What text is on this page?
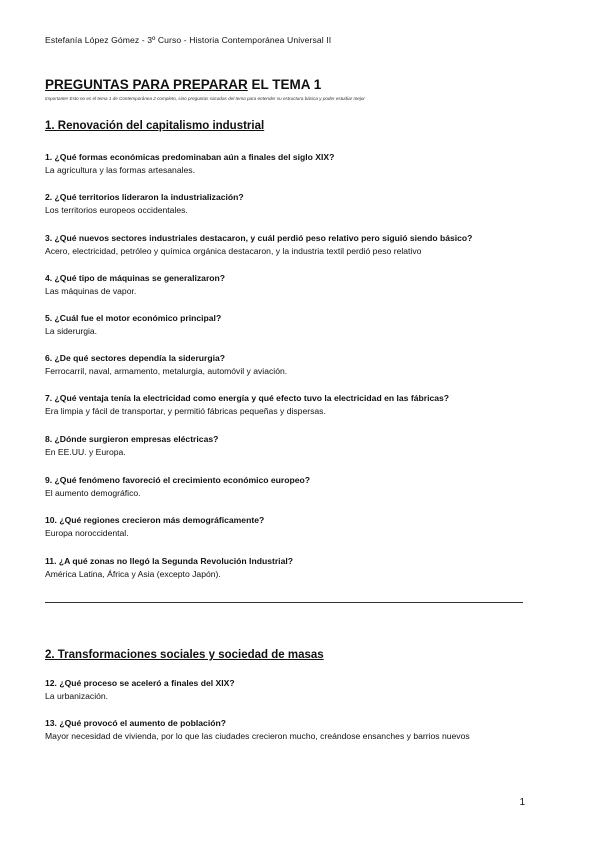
Estefanía López Gómez - 3º Curso - Historia Contemporánea Universal II
PREGUNTAS PARA PREPARAR EL TEMA 1
Importante! Esto no es el tema 1 de Contemporánea 2 completo, sino preguntas sacadas del tema para entender su estructura básica y poder estudiar mejor
1. Renovación del capitalismo industrial
1. ¿Qué formas económicas predominaban aún a finales del siglo XIX?
La agricultura y las formas artesanales.
2. ¿Qué territorios lideraron la industrialización?
Los territorios europeos occidentales.
3. ¿Qué nuevos sectores industriales destacaron, y cuál perdió peso relativo pero siguió siendo básico?
Acero, electricidad, petróleo y química orgánica destacaron, y la industria textil perdió peso relativo
4. ¿Qué tipo de máquinas se generalizaron?
Las máquinas de vapor.
5. ¿Cuál fue el motor económico principal?
La siderurgia.
6. ¿De qué sectores dependía la siderurgia?
Ferrocarril, naval, armamento, metalurgia, automóvil y aviación.
7. ¿Qué ventaja tenía la electricidad como energía y qué efecto tuvo la electricidad en las fábricas?
Era limpia y fácil de transportar, y permitió fábricas pequeñas y dispersas.
8. ¿Dónde surgieron empresas eléctricas?
En EE.UU. y Europa.
9. ¿Qué fenómeno favoreció el crecimiento económico europeo?
El aumento demográfico.
10. ¿Qué regiones crecieron más demográficamente?
Europa noroccidental.
11. ¿A qué zonas no llegó la Segunda Revolución Industrial?
América Latina, África y Asia (excepto Japón).
2. Transformaciones sociales y sociedad de masas
12. ¿Qué proceso se aceleró a finales del XIX?
La urbanización.
13. ¿Qué provocó el aumento de población?
Mayor necesidad de vivienda, por lo que las ciudades crecieron mucho, creándose ensanches y barrios nuevos
1
